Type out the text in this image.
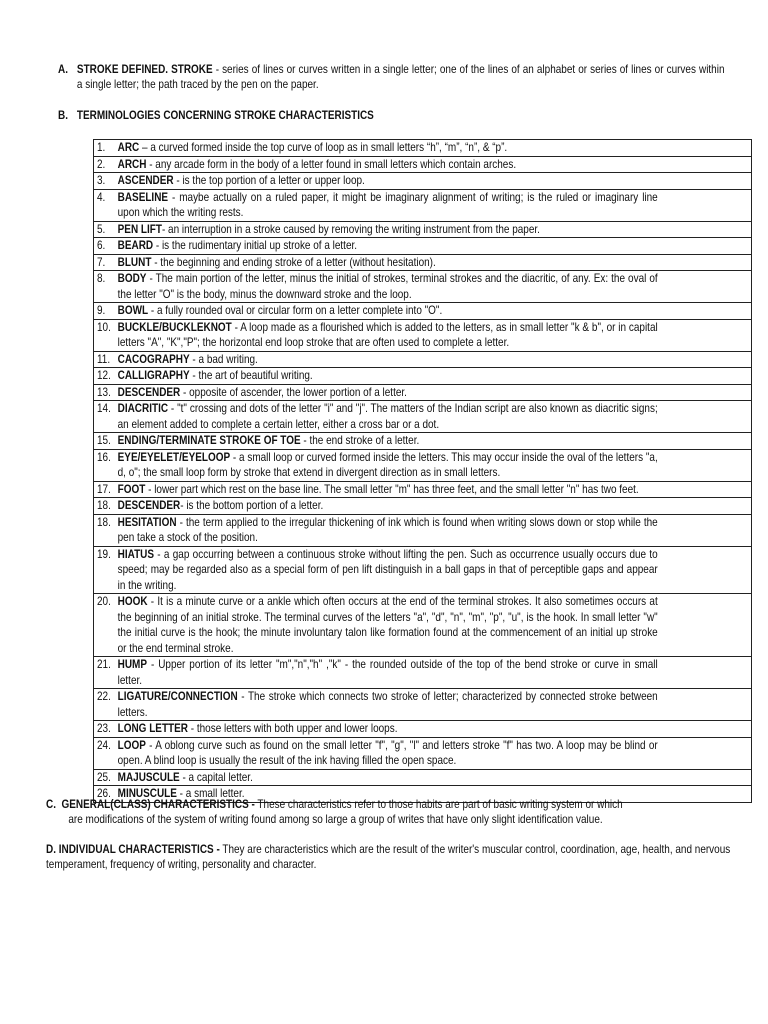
A. STROKE DEFINED. STROKE - series of lines or curves written in a single letter; one of the lines of an alphabet or series of lines or curves within a single letter; the path traced by the pen on the paper.
B. TERMINOLOGIES CONCERNING STROKE CHARACTERISTICS
1.	ARC – a curved formed inside the top curve of loop as in small letters “h”, “m”, “n”, & “p”.

2.	ARCH - any arcade form in the body of a letter found in small letters which contain arches.

3.	ASCENDER - is the top portion of a letter or upper loop.

4.	BASELINE - maybe actually on a ruled paper, it might be imaginary alignment of writing; is the ruled or imaginary line upon which the writing rests.

5.	PEN LIFT- an interruption in a stroke caused by removing the writing instrument from the paper.

6.	BEARD - is the rudimentary initial up stroke of a letter.

7.	BLUNT - the beginning and ending stroke of a letter (without hesitation).

8.	BODY - The main portion of the letter, minus the initial of strokes, terminal strokes and the diacritic, of any. Ex: the oval of the letter "O" is the body, minus the downward stroke and the loop.

9.	BOWL - a fully rounded oval or circular form on a letter complete into "O".

10. BUCKLE/BUCKLEKNOT - A loop made as a flourished which is added to the letters, as in small letter "k & b", or in capital letters "A", "K","P"; the horizontal end loop stroke that are often used to complete a letter.

11. CACOGRAPHY - a bad writing.

12. CALLIGRAPHY - the art of beautiful writing.

13. DESCENDER - opposite of ascender, the lower portion of a letter.

14. DIACRITIC - "t" crossing and dots of the letter "i" and "j". The matters of the Indian script are also known as diacritic signs; an element added to complete a certain letter, either a cross bar or a dot.

15. ENDING/TERMINATE STROKE OF TOE - the end stroke of a letter.

16. EYE/EYELET/EYELOOP - a small loop or curved formed inside the letters. This may occur inside the oval of the letters "a, d, o"; the small loop form by stroke that extend in divergent direction as in small letters.

17. FOOT - lower part which rest on the base line. The small letter "m" has three feet, and the small letter "n" has two feet.

18. DESCENDER- is the bottom portion of a letter.

18. HESITATION - the term applied to the irregular thickening of ink which is found when writing slows down or stop while the pen take a stock of the position.

19. HIATUS - a gap occurring between a continuous stroke without lifting the pen. Such as occurrence usually occurs due to speed; may be regarded also as a special form of pen lift distinguish in a ball gaps in that of perceptible gaps and appear in the writing.

20. HOOK - It is a minute curve or a ankle which often occurs at the end of the terminal strokes. It also sometimes occurs at the beginning of an initial stroke. The terminal curves of the letters "a", "d", "n", "m", "p", "u", is the hook. In small letter "w" the initial curve is the hook; the minute involuntary talon like formation found at the commencement of an initial up stroke or the end terminal stroke.

21. HUMP - Upper portion of its letter "m","n","h" ,"k" - the rounded outside of the top of the bend stroke or curve in small letter.

22. LIGATURE/CONNECTION - The stroke which connects two stroke of letter; characterized by connected stroke between letters.

23. LONG LETTER - those letters with both upper and lower loops.

24. LOOP - A oblong curve such as found on the small letter "f", "g", "l" and letters stroke "f" has two. A loop may be blind or open. A blind loop is usually the result of the ink having filled the open space.

25. MAJUSCULE - a capital letter.

26. MINUSCULE - a small letter.
C. GENERAL(CLASS) CHARACTERISTICS - These characteristics refer to those habits are part of basic writing system or which
are modifications of the system of writing found among so large a group of writes that have only slight identification value.
D. INDIVIDUAL CHARACTERISTICS - They are characteristics which are the result of the writer's muscular control, coordination, age, health, and nervous temperament, frequency of writing, personality and character.
